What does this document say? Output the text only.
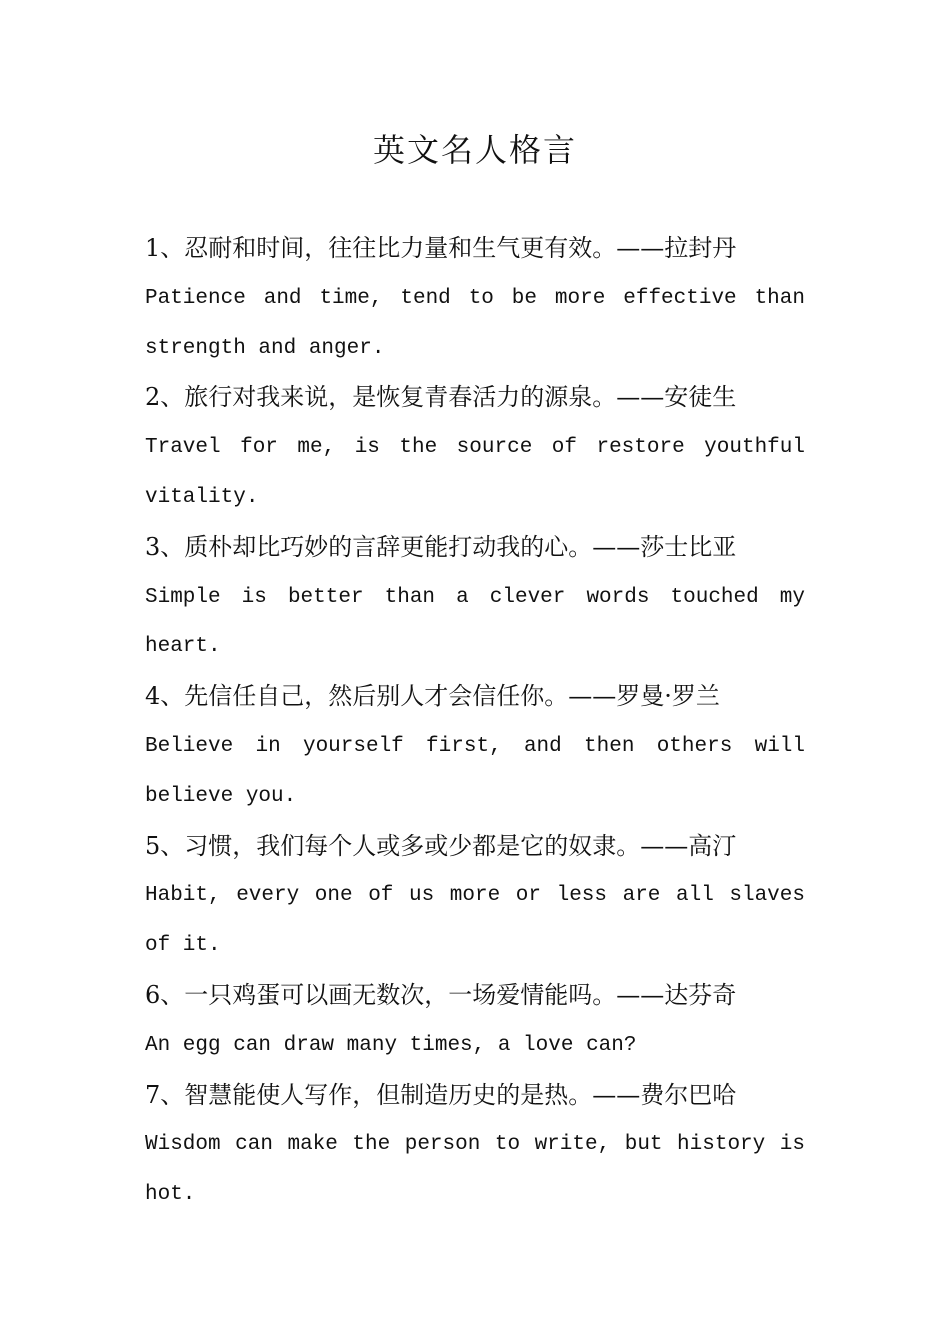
英文名人格言
1、忍耐和时间，往往比力量和生气更有效。——拉封丹
Patience and time, tend to be more effective than
strength and anger.
2、旅行对我来说，是恢复青春活力的源泉。——安徒生
Travel for me, is the source of restore youthful
vitality.
3、质朴却比巧妙的言辞更能打动我的心。——莎士比亚
Simple is better than a clever words touched my
heart.
4、先信任自己，然后别人才会信任你。——罗曼·罗兰
Believe in yourself first, and then others will
believe you.
5、习惯，我们每个人或多或少都是它的奴隶。——高汀
Habit, every one of us more or less are all slaves
of it.
6、一只鸡蛋可以画无数次，一场爱情能吗。——达芬奇
An egg can draw many times, a love can?
7、智慧能使人写作，但制造历史的是热。——费尔巴哈
Wisdom can make the person to write, but history is
hot.
